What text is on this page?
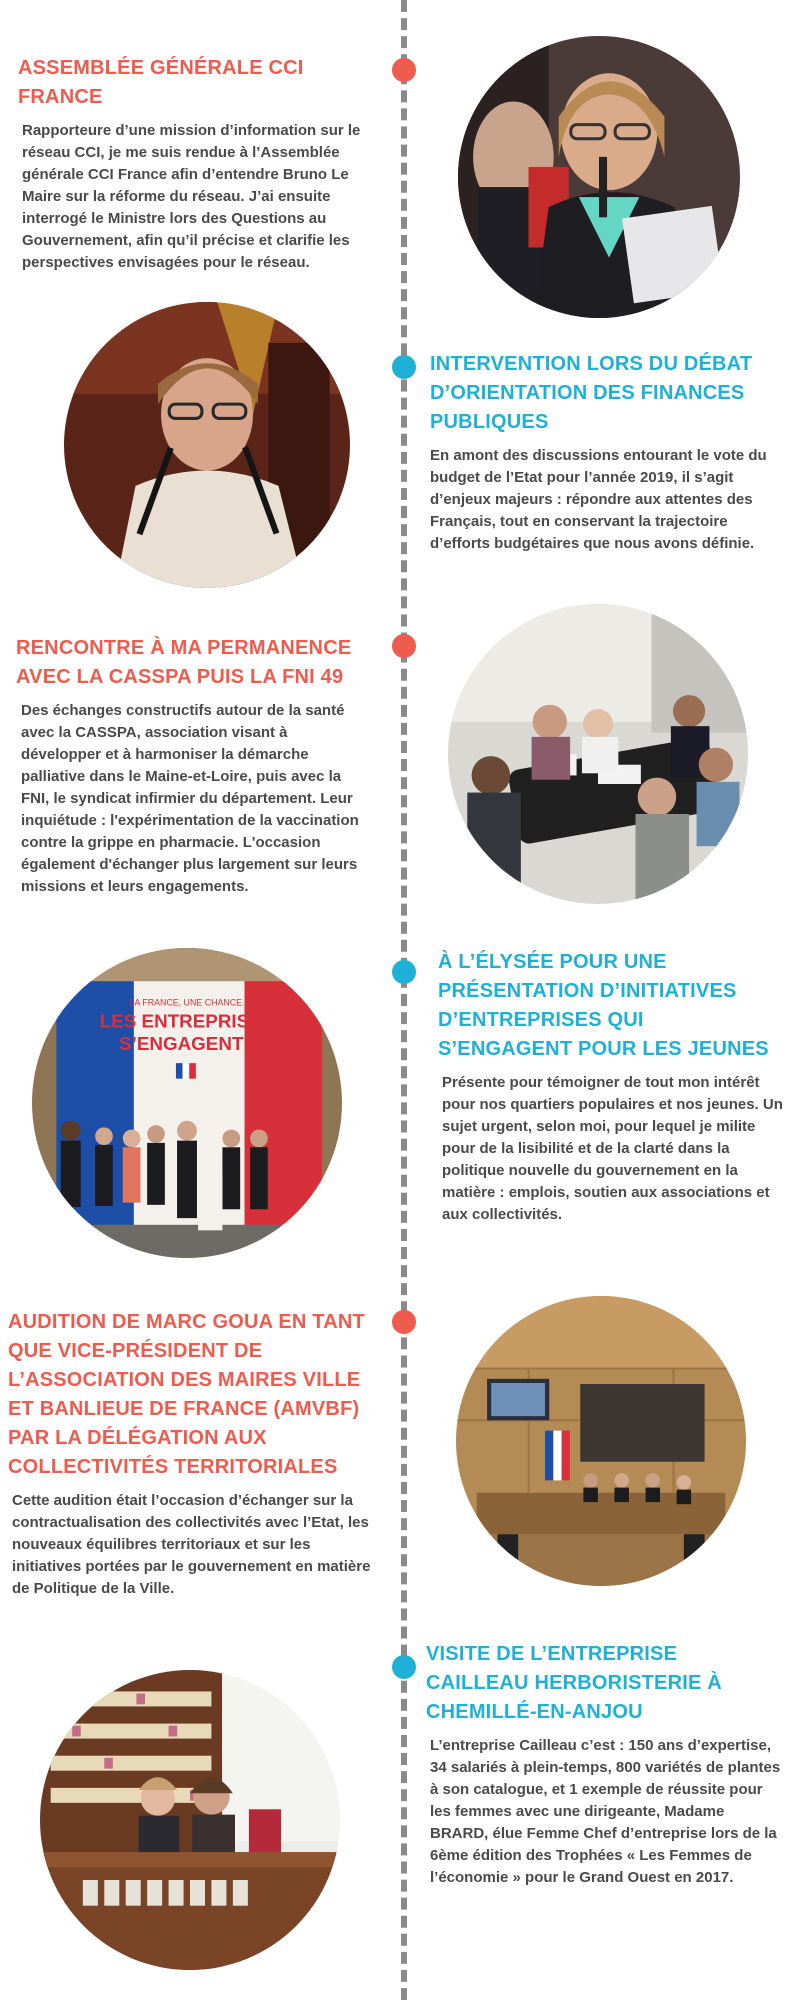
ASSEMBLÉE GÉNÉRALE CCI FRANCE

Rapporteure d’une mission d’information sur le réseau CCI, je me suis rendue à l’Assemblée générale CCI France afin d’entendre Bruno Le Maire sur la réforme du réseau. J’ai ensuite interrogé le Ministre lors des Questions au Gouvernement, afin qu’il précise et clarifie les perspectives envisagées pour le réseau.

INTERVENTION LORS DU DÉBAT D’ORIENTATION DES FINANCES PUBLIQUES

En amont des discussions entourant le vote du budget de l’Etat pour l’année 2019, il s’agit d’enjeux majeurs : répondre aux attentes des Français, tout en conservant la trajectoire d’efforts budgétaires que nous avons définie.

RENCONTRE À MA PERMANENCE AVEC LA CASSPA PUIS LA FNI 49

Des échanges constructifs autour de la santé avec la CASSPA, association visant à développer et à harmoniser la démarche palliative dans le Maine-et-Loire, puis avec la FNI, le syndicat infirmier du département. Leur inquiétude : l'expérimentation de la vaccination contre la grippe en pharmacie. L'occasion également d'échanger plus largement sur leurs missions et leurs engagements.

À L’ÉLYSÉE POUR UNE PRÉSENTATION D’INITIATIVES D’ENTREPRISES QUI S’ENGAGENT POUR LES JEUNES

Présente pour témoigner de tout mon intérêt pour nos quartiers populaires et nos jeunes. Un sujet urgent, selon moi, pour lequel je milite pour de la lisibilité et de la clarté dans la politique nouvelle du gouvernement en la matière : emplois, soutien aux associations et aux collectivités.

AUDITION DE MARC GOUA EN TANT QUE VICE-PRÉSIDENT DE L’ASSOCIATION DES MAIRES VILLE ET BANLIEUE DE FRANCE (AMVBF) PAR LA DÉLÉGATION AUX COLLECTIVITÉS TERRITORIALES

Cette audition était l’occasion d’échanger sur la contractualisation des collectivités avec l’Etat, les nouveaux équilibres territoriaux et sur les initiatives portées par le gouvernement en matière de Politique de la Ville.

VISITE DE L’ENTREPRISE CAILLEAU HERBORISTERIE À CHEMILLÉ-EN-ANJOU

L’entreprise Cailleau c’est : 150 ans d’expertise, 34 salariés à plein-temps, 800 variétés de plantes à son catalogue, et 1 exemple de réussite pour les femmes avec une dirigeante, Madame BRARD, élue Femme Chef d’entreprise lors de la 6ème édition des Trophées « Les Femmes de l’économie » pour le Grand Ouest en 2017.

LA FRANCE, UNE CHANCE.
LES ENTREPRISES
S’ENGAGENT !
